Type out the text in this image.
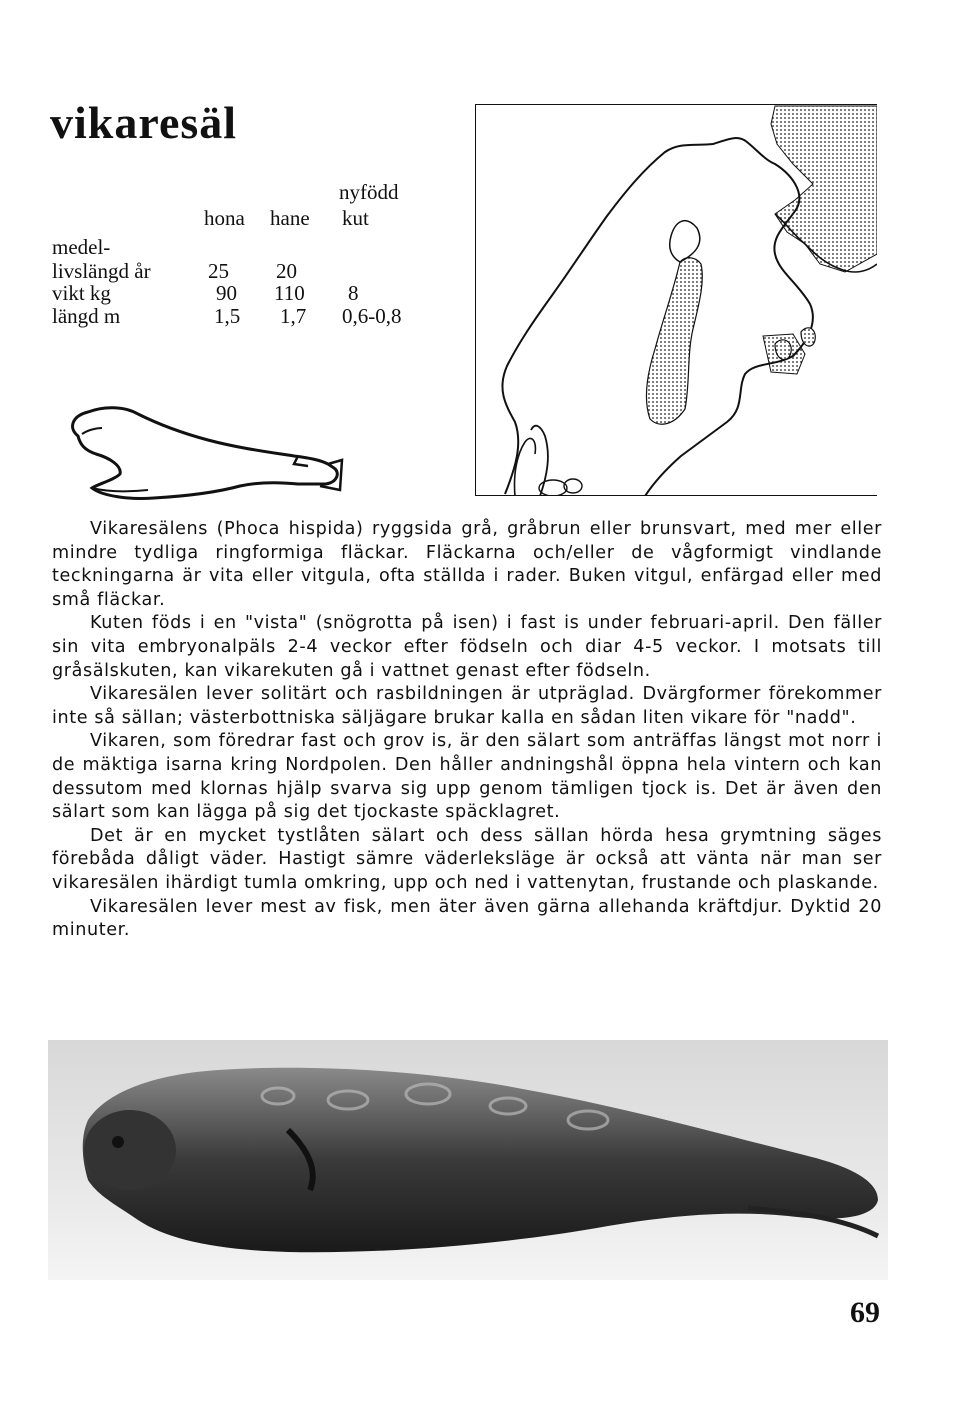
vikaresäl
nyfödd
hona hane kut
medel-
livslängd år	25 20
vikt kg	90 110 8
längd m	1,5 1,7 0,6-0,8

Vikaresälens (Phoca hispida) ryggsida grå, gråbrun eller brunsvart, med mer eller mindre tydliga ringformiga fläckar. Fläckarna och/eller de vågformigt vindlande teckningarna är vita eller vitgula, ofta ställda i rader. Buken vitgul, enfärgad eller med små fläckar.

Kuten föds i en "vista" (snögrotta på isen) i fast is under februari-april. Den fäller sin vita embryonalpäls 2-4 veckor efter födseln och diar 4-5 veckor. I motsats till gråsälskuten, kan vikarekuten gå i vattnet genast efter födseln.

Vikaresälen lever solitärt och rasbildningen är utpräglad. Dvärgformer förekommer inte så sällan; västerbottniska säljägare brukar kalla en sådan liten vikare för "nadd".

Vikaren, som föredrar fast och grov is, är den sälart som anträffas längst mot norr i de mäktiga isarna kring Nordpolen. Den håller andningshål öppna hela vintern och kan dessutom med klornas hjälp svarva sig upp genom tämligen tjock is. Det är även den sälart som kan lägga på sig det tjockaste späcklagret.

Det är en mycket tystlåten sälart och dess sällan hörda hesa grymtning säges förebåda dåligt väder. Hastigt sämre väderleksläge är också att vänta när man ser vikaresälen ihärdigt tumla omkring, upp och ned i vattenytan, frustande och plaskande.

Vikaresälen lever mest av fisk, men äter även gärna allehanda kräftdjur. Dyktid 20 minuter.

69
